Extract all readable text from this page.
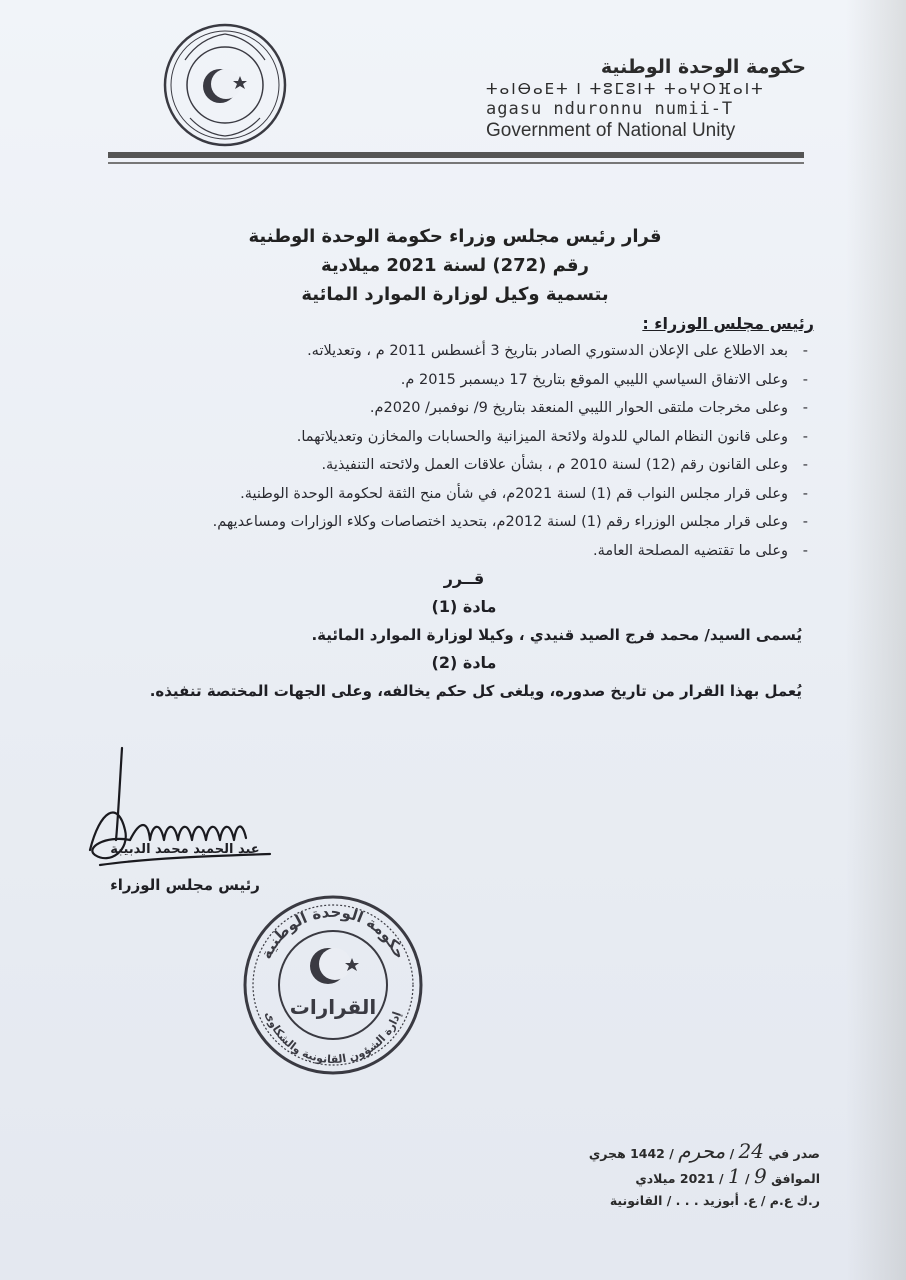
حكومة الوحدة الوطنية
ⵜⴰⵏⴱⴰⴹⵜ ⵏ ⵜⵓⵎⵓⵏⵜ ⵜⴰⵖⵔⴼⴰⵏⵜ
agasu nduronnu numii-T
Government of National Unity
قرار رئيس مجلس وزراء حكومة الوحدة الوطنية
رقم (272) لسنة 2021 ميلادية
بتسمية وكيل لوزارة الموارد المائية
رئيس مجلس الوزراء :
- بعد الاطلاع على الإعلان الدستوري الصادر بتاريخ 3 أغسطس 2011 م ، وتعديلاته.
- وعلى الاتفاق السياسي الليبي الموقع بتاريخ 17 ديسمبر 2015 م.
- وعلى مخرجات ملتقى الحوار الليبي المنعقد بتاريخ 9/ نوفمبر/ 2020م.
- وعلى قانون النظام المالي للدولة ولائحة الميزانية والحسابات والمخازن وتعديلاتهما.
- وعلى القانون رقم (12) لسنة 2010 م ، بشأن علاقات العمل ولائحته التنفيذية.
- وعلى قرار مجلس النواب قم (1) لسنة 2021م، في شأن منح الثقة لحكومة الوحدة الوطنية.
- وعلى قرار مجلس الوزراء رقم (1) لسنة 2012م، بتحديد اختصاصات وكلاء الوزارات ومساعديهم.
- وعلى ما تقتضيه المصلحة العامة.
قــرر
مادة (1)
يُسمى السيد/ محمد فرج الصيد قنيدي ، وكيلا لوزارة الموارد المائية.
مادة (2)
يُعمل بهذا القرار من تاريخ صدوره، ويلغى كل حكم يخالفه، وعلى الجهات المختصة تنفيذه.
عبد الحميد محمد الدبيبة
رئيس مجلس الوزراء
القرارات
حكومة الوحدة الوطنية
إدارة الشؤون القانونية والشكاوى
صدر في 24 / محرم / 1442 هجري
الموافق 9 / 1 / 2021 ميلادي
ر.ك ع.م / ع. أبوزيد . . . / القانونية
